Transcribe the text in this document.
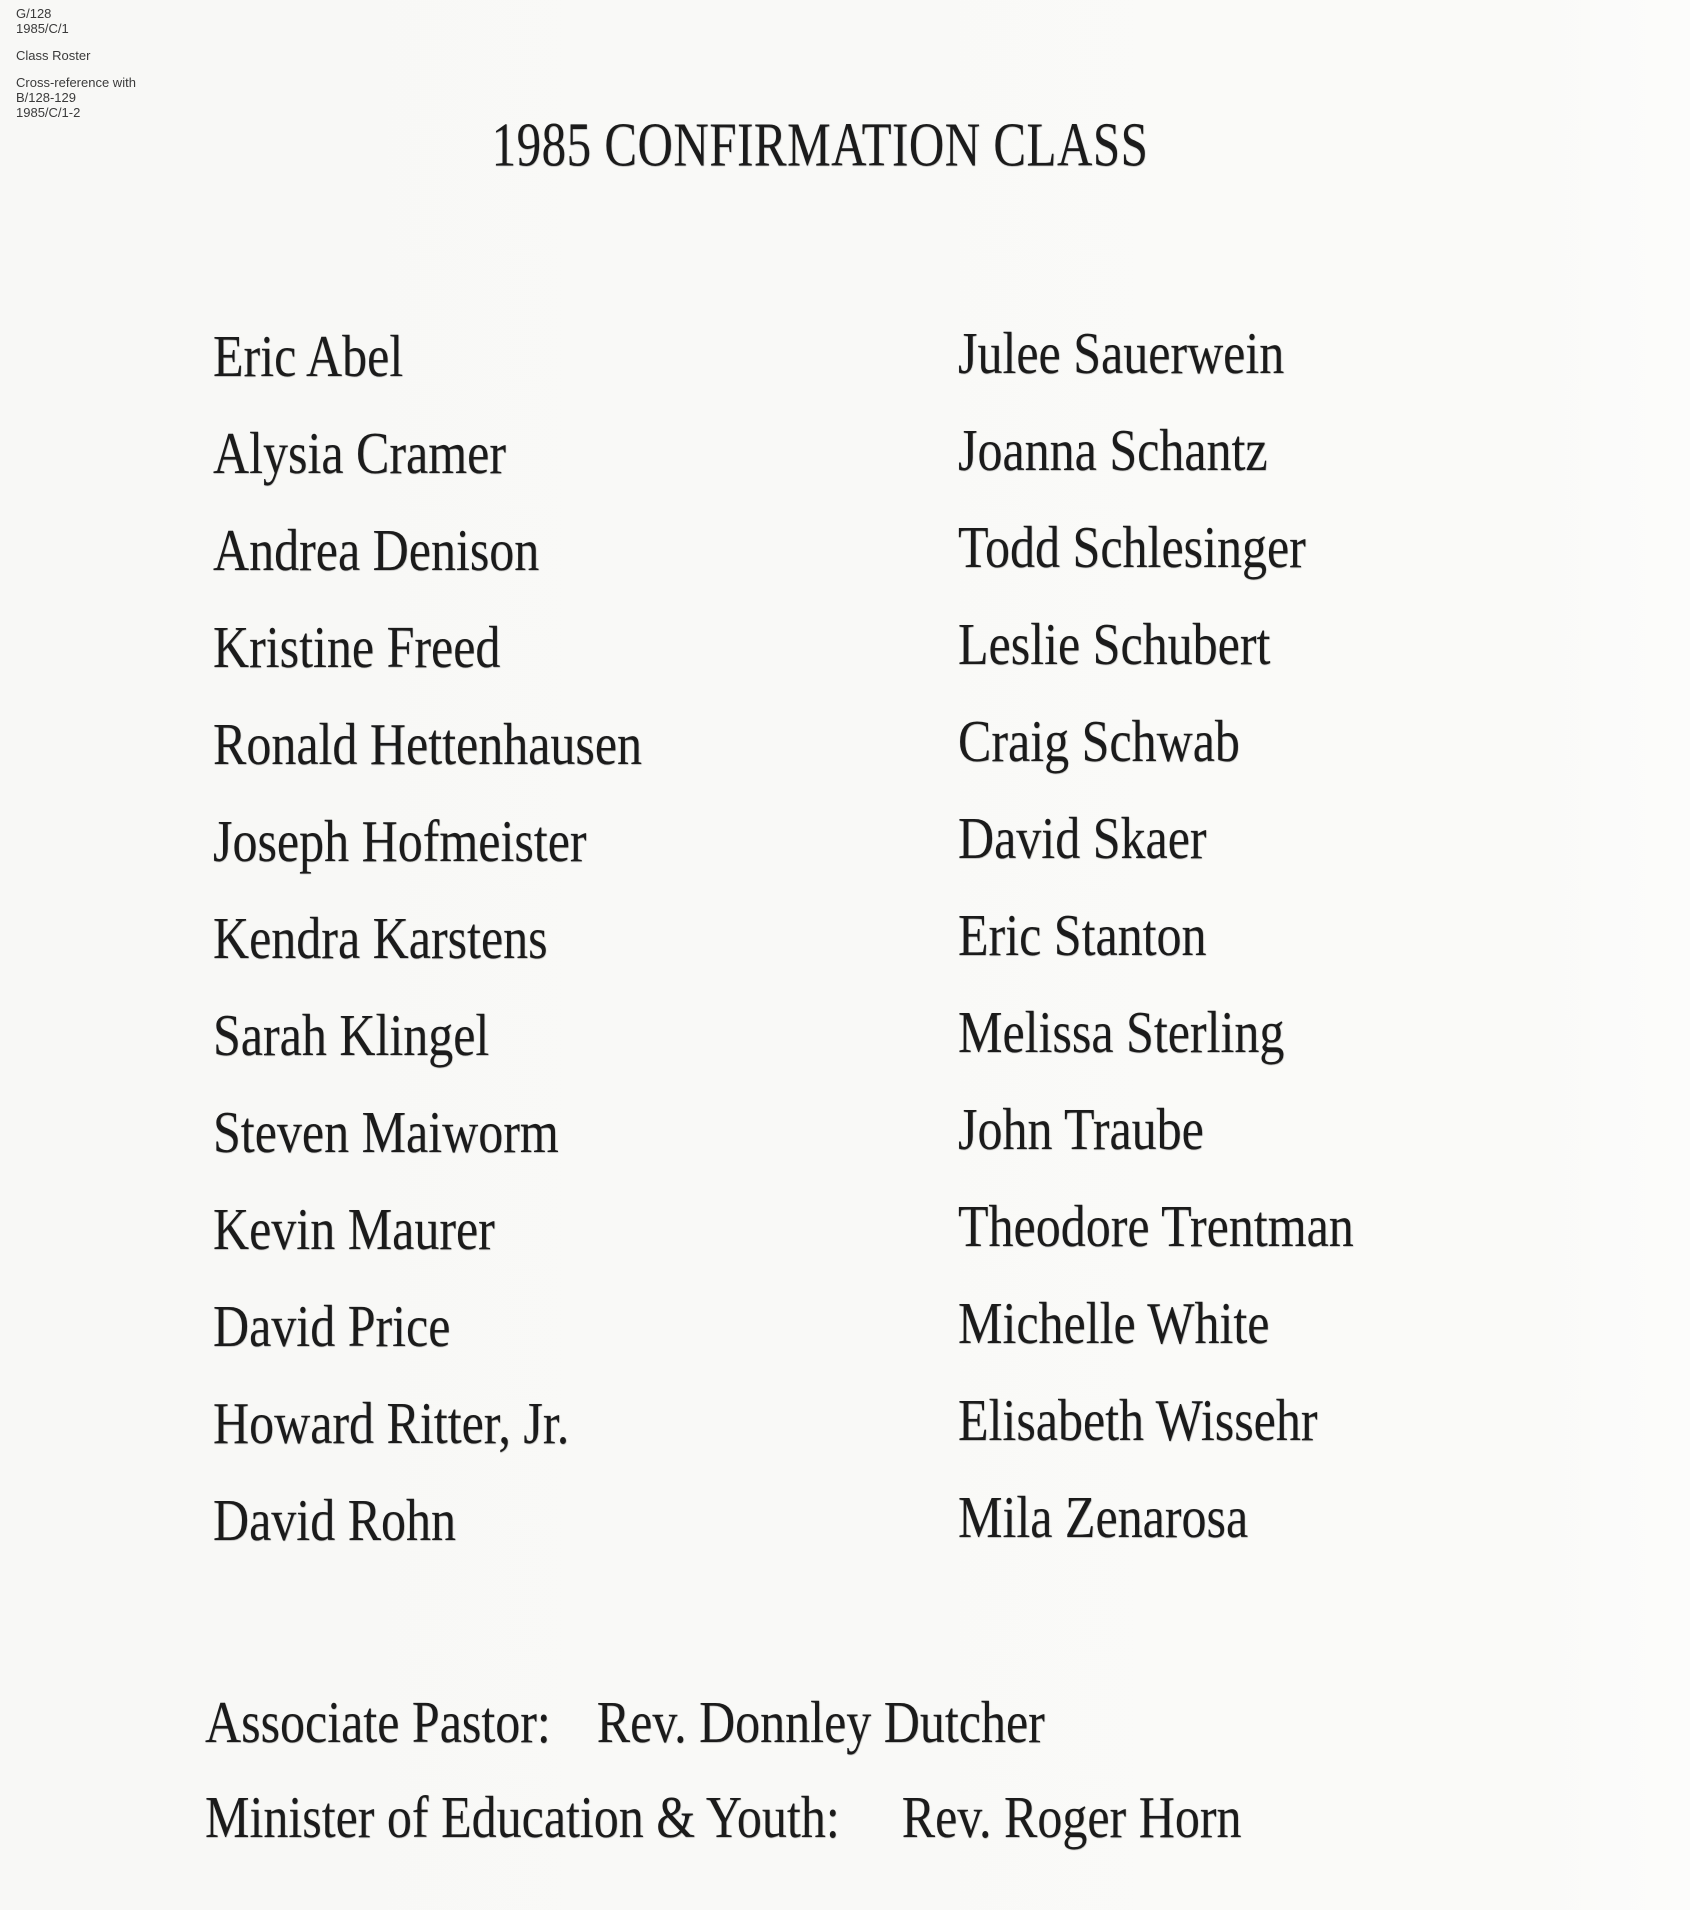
G/128
1985/C/1
Class Roster
Cross-reference with
B/128-129
1985/C/1-2	1985 CONFIRMATION CLASS
Eric Abel
Alysia Cramer
Andrea Denison
Kristine Freed
Ronald Hettenhausen
Joseph Hofmeister
Kendra Karstens
Sarah Klingel
Steven Maiworm
Kevin Maurer
David Price
Howard Ritter, Jr.
David Rohn
Julee Sauerwein
Joanna Schantz
Todd Schlesinger
Leslie Schubert
Craig Schwab
David Skaer
Eric Stanton
Melissa Sterling
John Traube
Theodore Trentman
Michelle White
Elisabeth Wissehr
Mila Zenarosa
Associate Pastor: Rev. Donnley Dutcher
Minister of Education & Youth: Rev. Roger Horn
